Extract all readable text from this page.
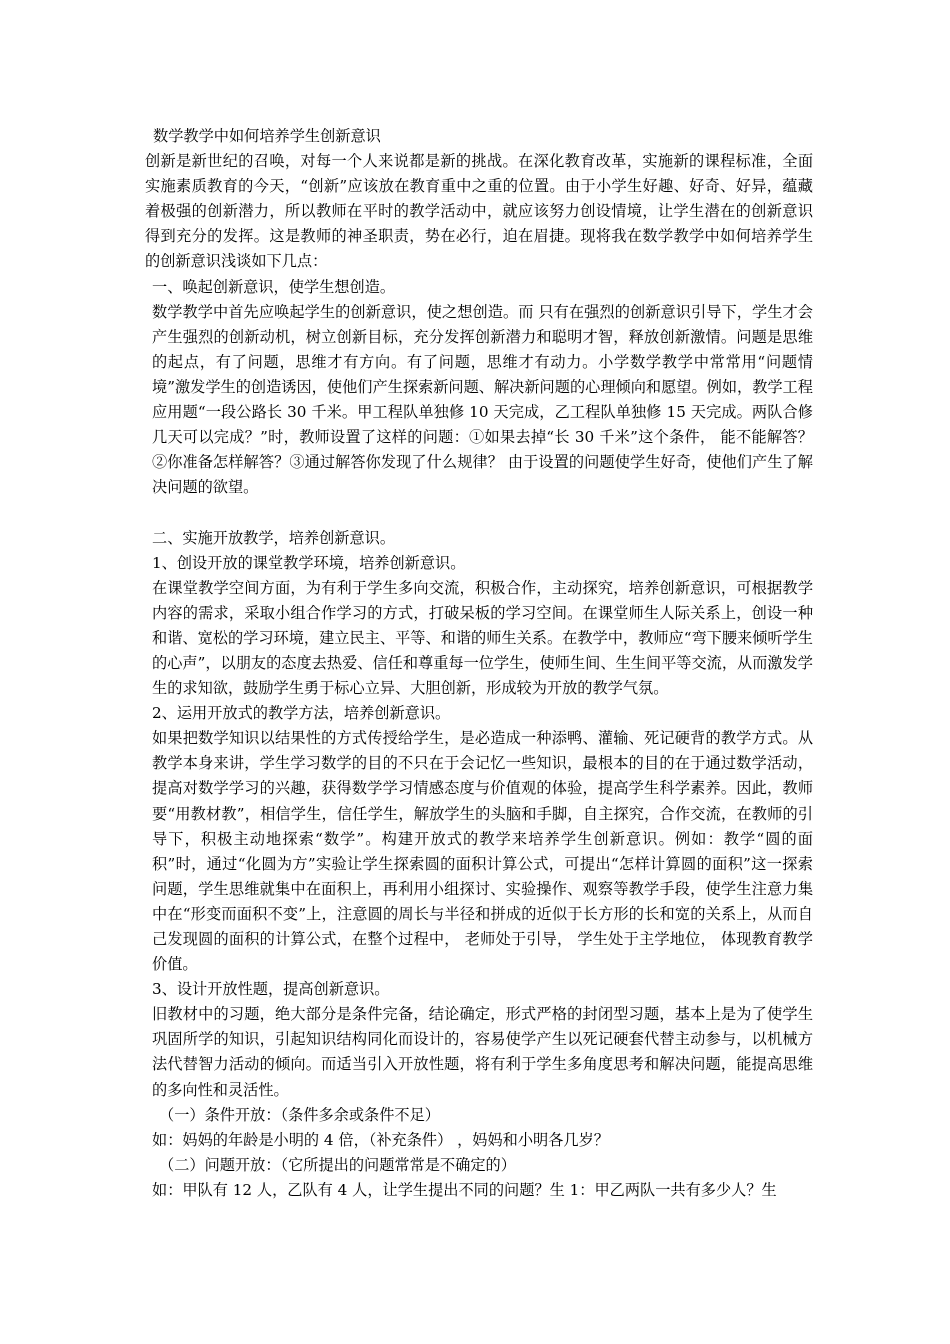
数学教学中如何培养学生创新意识

创新是新世纪的召唤，对每一个人来说都是新的挑战。在深化教育改革，实施新的课程标准，全面实施素质教育的今天，“创新”应该放在教育重中之重的位置。由于小学生好趣、好奇、好异，蕴藏着极强的创新潜力，所以教师在平时的教学活动中，就应该努力创设情境，让学生潜在的创新意识得到充分的发挥。这是教师的神圣职责，势在必行，迫在眉捷。现将我在数学教学中如何培养学生的创新意识浅谈如下几点：

一、唤起创新意识，使学生想创造。

数学教学中首先应唤起学生的创新意识，使之想创造。而 只有在强烈的创新意识引导下，学生才会产生强烈的创新动机，树立创新目标，充分发挥创新潜力和聪明才智，释放创新激情。问题是思维的起点，有了问题，思维才有方向。有了问题，思维才有动力。小学数学教学中常常用“问题情境”激发学生的创造诱因，使他们产生探索新问题、解决新问题的心理倾向和愿望。例如，教学工程应用题“一段公路长 30 千米。甲工程队单独修 10 天完成，乙工程队单独修 15 天完成。两队合修几天可以完成？”时，教师设置了这样的问题：①如果去掉“长 30 千米”这个条件， 能不能解答？②你准备怎样解答？③通过解答你发现了什么规律？ 由于设置的问题使学生好奇，使他们产生了解决问题的欲望。

二、实施开放教学，培养创新意识。

1、创设开放的课堂教学环境，培养创新意识。

在课堂教学空间方面，为有利于学生多向交流，积极合作，主动探究，培养创新意识，可根据教学内容的需求，采取小组合作学习的方式，打破呆板的学习空间。在课堂师生人际关系上，创设一种和谐、宽松的学习环境，建立民主、平等、和谐的师生关系。在教学中，教师应“弯下腰来倾听学生的心声”，以朋友的态度去热爱、信任和尊重每一位学生，使师生间、生生间平等交流，从而激发学生的求知欲，鼓励学生勇于标心立异、大胆创新，形成较为开放的教学气氛。

2、运用开放式的教学方法，培养创新意识。

如果把数学知识以结果性的方式传授给学生，是必造成一种添鸭、灌输、死记硬背的教学方式。从教学本身来讲，学生学习数学的目的不只在于会记忆一些知识，最根本的目的在于通过数学活动，提高对数学学习的兴趣，获得数学学习情感态度与价值观的体验，提高学生科学素养。因此，教师要“用教材教”，相信学生，信任学生，解放学生的头脑和手脚，自主探究，合作交流，在教师的引导下，积极主动地探索“数学”。构建开放式的教学来培养学生创新意识。例如：教学“圆的面积”时，通过“化圆为方”实验让学生探索圆的面积计算公式，可提出“怎样计算圆的面积”这一探索问题，学生思维就集中在面积上，再利用小组探讨、实验操作、观察等教学手段，使学生注意力集中在“形变而面积不变”上，注意圆的周长与半径和拼成的近似于长方形的长和宽的关系上，从而自己发现圆的面积的计算公式，在整个过程中， 老师处于引导， 学生处于主学地位， 体现教育教学价值。

3、设计开放性题，提高创新意识。

旧教材中的习题，绝大部分是条件完备，结论确定，形式严格的封闭型习题，基本上是为了使学生巩固所学的知识，引起知识结构同化而设计的，容易使学产生以死记硬套代替主动参与，以机械方法代替智力活动的倾向。而适当引入开放性题，将有利于学生多角度思考和解决问题，能提高思维的多向性和灵活性。

（一）条件开放：（条件多余或条件不足）

如：妈妈的年龄是小明的 4 倍，（补充条件） ，妈妈和小明各几岁？

（二）问题开放：（它所提出的问题常常是不确定的）

如：甲队有 12 人，乙队有 4 人，让学生提出不同的问题？生 1：甲乙两队一共有多少人？生
